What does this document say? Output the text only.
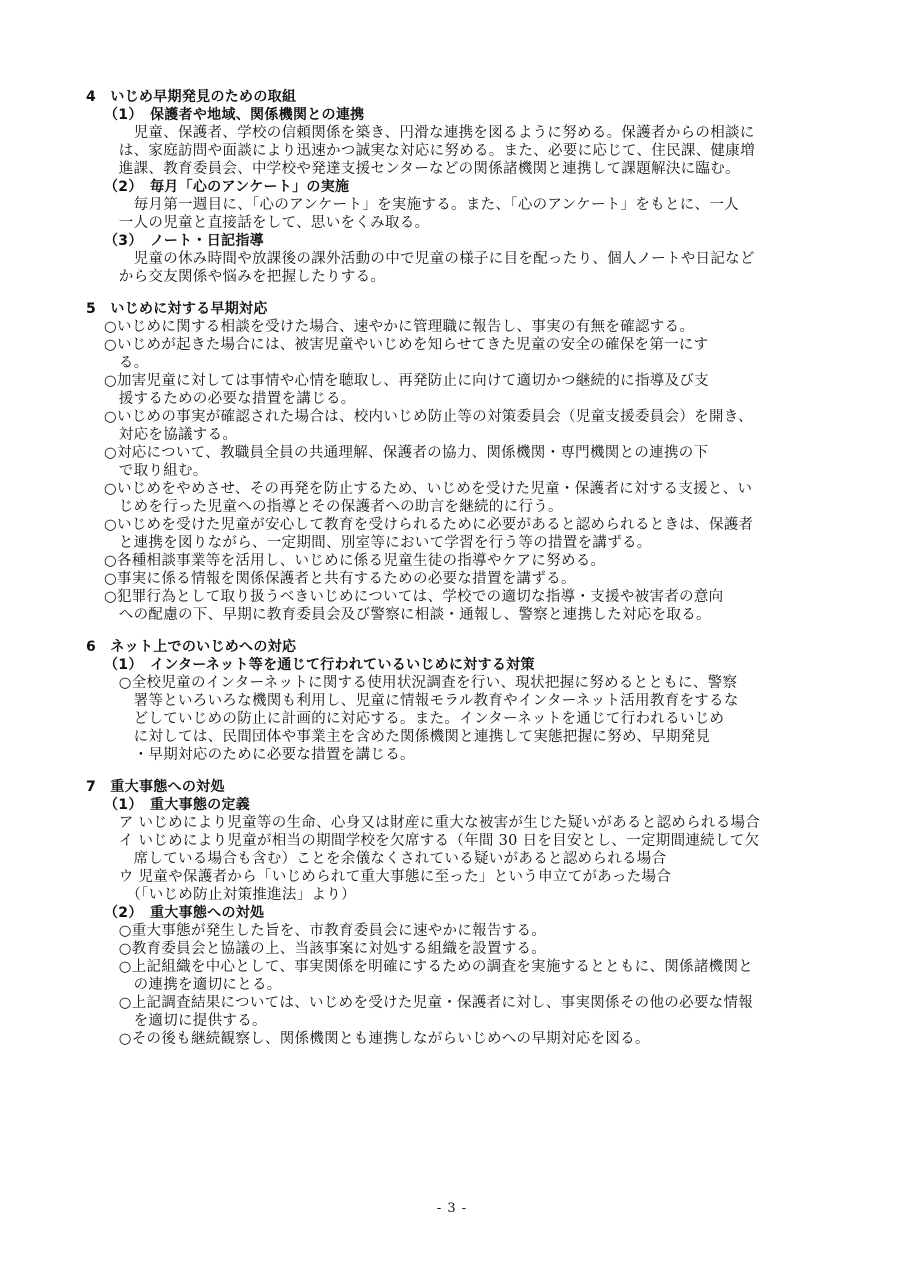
4　いじめ早期発見のための取組
（1）　保護者や地域、関係機関との連携
　　児童、保護者、学校の信頼関係を築き、円滑な連携を図るように努める。保護者からの相談に
　は、家庭訪問や面談により迅速かつ誠実な対応に努める。また、必要に応じて、住民課、健康増
　進課、教育委員会、中学校や発達支援センターなどの関係諸機関と連携して課題解決に臨む。
（2）　毎月「心のアンケート」の実施
　　毎月第一週目に、「心のアンケート」を実施する。また、「心のアンケート」をもとに、一人
　一人の児童と直接話をして、思いをくみ取る。
（3）　ノート・日記指導
　　児童の休み時間や放課後の課外活動の中で児童の様子に目を配ったり、個人ノートや日記など
　から交友関係や悩みを把握したりする。
5　いじめに対する早期対応
○いじめに関する相談を受けた場合、速やかに管理職に報告し、事実の有無を確認する。
○いじめが起きた場合には、被害児童やいじめを知らせてきた児童の安全の確保を第一にす
　る。
○加害児童に対しては事情や心情を聴取し、再発防止に向けて適切かつ継続的に指導及び支
　援するための必要な措置を講じる。
○いじめの事実が確認された場合は、校内いじめ防止等の対策委員会（児童支援委員会）を開き、
　対応を協議する。
○対応について、教職員全員の共通理解、保護者の協力、関係機関・専門機関との連携の下
　で取り組む。
○いじめをやめさせ、その再発を防止するため、いじめを受けた児童・保護者に対する支援と、い
　じめを行った児童への指導とその保護者への助言を継続的に行う。
○いじめを受けた児童が安心して教育を受けられるために必要があると認められるときは、保護者
　と連携を図りながら、一定期間、別室等において学習を行う等の措置を講ずる。
○各種相談事業等を活用し、いじめに係る児童生徒の指導やケアに努める。
○事実に係る情報を関係保護者と共有するための必要な措置を講ずる。
○犯罪行為として取り扱うべきいじめについては、学校での適切な指導・支援や被害者の意向
　への配慮の下、早期に教育委員会及び警察に相談・通報し、警察と連携した対応を取る。
6　ネット上でのいじめへの対応
（1）　インターネット等を通じて行われているいじめに対する対策
　○全校児童のインターネットに関する使用状況調査を行い、現状把握に努めるとともに、警察
　　署等といろいろな機関も利用し、児童に情報モラル教育やインターネット活用教育をするな
　　どしていじめの防止に計画的に対応する。また。インターネットを通じて行われるいじめ
　　に対しては、民間団体や事業主を含めた関係機関と連携して実態把握に努め、早期発見
　　・早期対応のために必要な措置を講じる。
7　重大事態への対処
（1）　重大事態の定義
　ア いじめにより児童等の生命、心身又は財産に重大な被害が生じた疑いがあると認められる場合
　イ いじめにより児童が相当の期間学校を欠席する（年間 30 日を目安とし、一定期間連続して欠
　　席している場合も含む）ことを余儀なくされている疑いがあると認められる場合
　ウ 児童や保護者から「いじめられて重大事態に至った」という申立てがあった場合
　　（「いじめ防止対策推進法」より）
（2）　重大事態への対処
　○重大事態が発生した旨を、市教育委員会に速やかに報告する。
　○教育委員会と協議の上、当該事案に対処する組織を設置する。
　○上記組織を中心として、事実関係を明確にするための調査を実施するとともに、関係諸機関と
　　の連携を適切にとる。
　○上記調査結果については、いじめを受けた児童・保護者に対し、事実関係その他の必要な情報
　　を適切に提供する。
　○その後も継続観察し、関係機関とも連携しながらいじめへの早期対応を図る。
- 3 -
